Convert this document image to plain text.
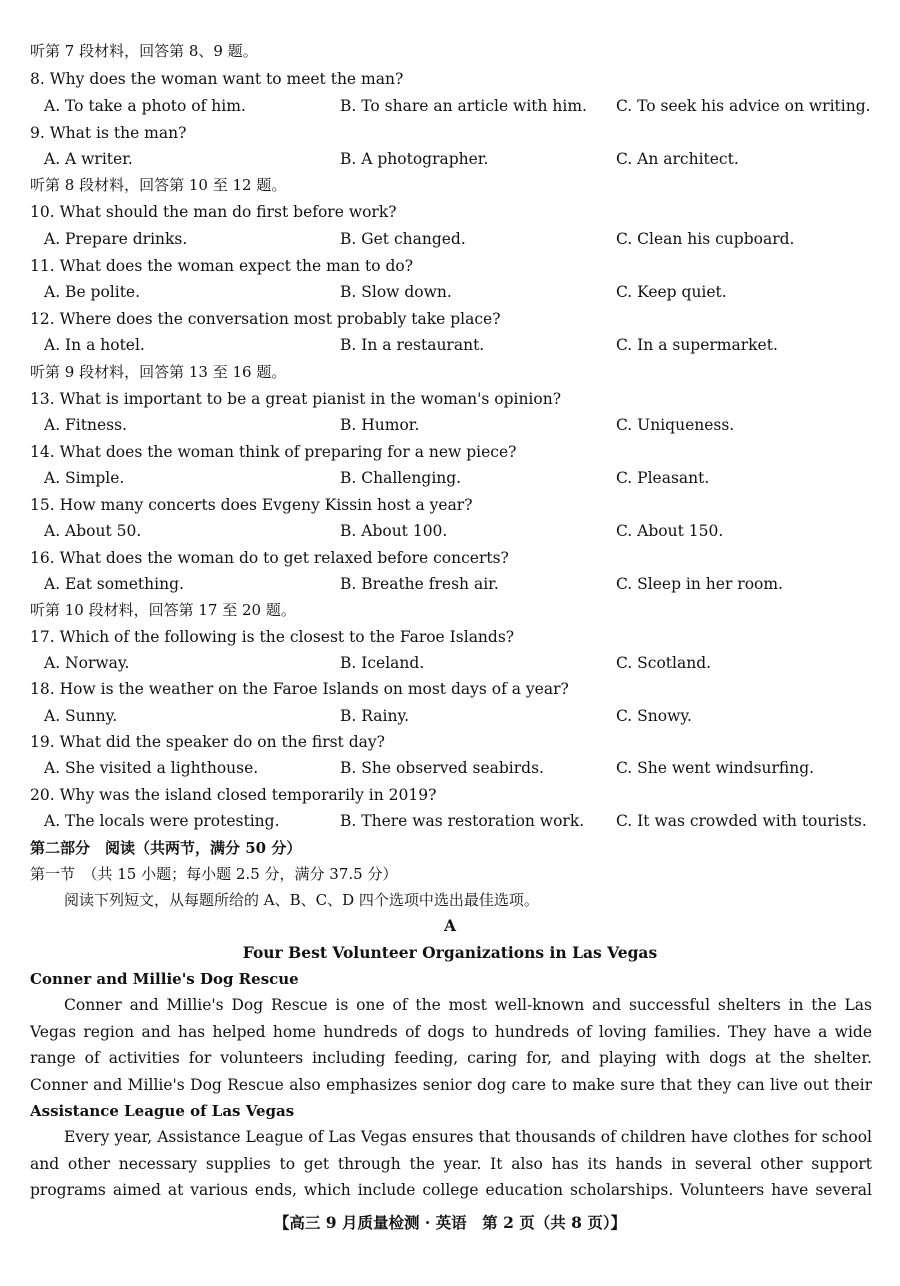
听第 7 段材料，回答第 8、9 题。
8. Why does the woman want to meet the man?
A. To take a photo of him.	B. To share an article with him. C. To seek his advice on writing.
9. What is the man?
A. A writer.	B. A photographer.	C. An architect.
听第 8 段材料，回答第 10 至 12 题。
10. What should the man do first before work?
A. Prepare drinks.	B. Get changed.	C. Clean his cupboard.
11. What does the woman expect the man to do?
A. Be polite.	B. Slow down.	C. Keep quiet.
12. Where does the conversation most probably take place?
A. In a hotel.	B. In a restaurant.	C. In a supermarket.
听第 9 段材料，回答第 13 至 16 题。
13. What is important to be a great pianist in the woman's opinion?
A. Fitness.	B. Humor.	C. Uniqueness.
14. What does the woman think of preparing for a new piece?
A. Simple.	B. Challenging.	C. Pleasant.
15. How many concerts does Evgeny Kissin host a year?
A. About 50.	B. About 100.	C. About 150.
16. What does the woman do to get relaxed before concerts?
A. Eat something.	B. Breathe fresh air.	C. Sleep in her room.
听第 10 段材料，回答第 17 至 20 题。
17. Which of the following is the closest to the Faroe Islands?
A. Norway.	B. Iceland.	C. Scotland.
18. How is the weather on the Faroe Islands on most days of a year?
A. Sunny.	B. Rainy.	C. Snowy.
19. What did the speaker do on the first day?
A. She visited a lighthouse.	B. She observed seabirds.	C. She went windsurfing.
20. Why was the island closed temporarily in 2019?
A. The locals were protesting.	B. There was restoration work. C. It was crowded with tourists.
第二部分　阅读（共两节，满分 50 分）
第一节　（共 15 小题；每小题 2.5 分，满分 37.5 分）
阅读下列短文，从每题所给的 A、B、C、D 四个选项中选出最佳选项。
A
Four Best Volunteer Organizations in Las Vegas
Conner and Millie's Dog Rescue

Conner and Millie's Dog Rescue is one of the most well-known and successful shelters in the Las Vegas region and has helped home hundreds of dogs to hundreds of loving families. They have a wide range of activities for volunteers including feeding, caring for, and playing with dogs at the shelter. Conner and Millie's Dog Rescue also emphasizes senior dog care to make sure that they can live out their

Assistance League of Las Vegas

Every year, Assistance League of Las Vegas ensures that thousands of children have clothes for school and other necessary supplies to get through the year. It also has its hands in several other support programs aimed at various ends, which include college education scholarships. Volunteers have several

【高三 9 月质量检测 · 英语　第 2 页（共 8 页）】
